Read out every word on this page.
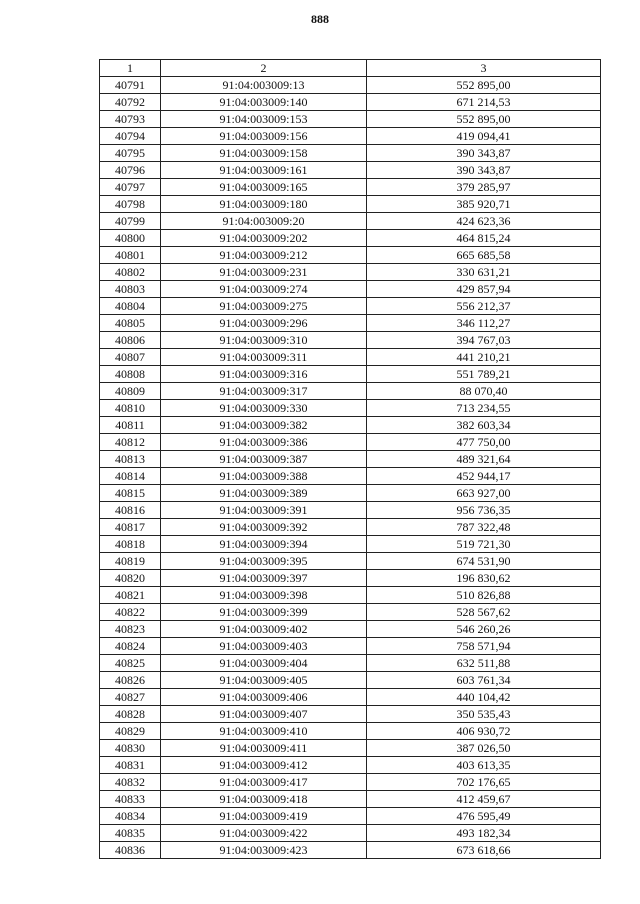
888
1	2	3
40791	91:04:003009:13	552 895,00
40792	91:04:003009:140	671 214,53
40793	91:04:003009:153	552 895,00
40794	91:04:003009:156	419 094,41
40795	91:04:003009:158	390 343,87
40796	91:04:003009:161	390 343,87
40797	91:04:003009:165	379 285,97
40798	91:04:003009:180	385 920,71
40799	91:04:003009:20	424 623,36
40800	91:04:003009:202	464 815,24
40801	91:04:003009:212	665 685,58
40802	91:04:003009:231	330 631,21
40803	91:04:003009:274	429 857,94
40804	91:04:003009:275	556 212,37
40805	91:04:003009:296	346 112,27
40806	91:04:003009:310	394 767,03
40807	91:04:003009:311	441 210,21
40808	91:04:003009:316	551 789,21
40809	91:04:003009:317	88 070,40
40810	91:04:003009:330	713 234,55
40811	91:04:003009:382	382 603,34
40812	91:04:003009:386	477 750,00
40813	91:04:003009:387	489 321,64
40814	91:04:003009:388	452 944,17
40815	91:04:003009:389	663 927,00
40816	91:04:003009:391	956 736,35
40817	91:04:003009:392	787 322,48
40818	91:04:003009:394	519 721,30
40819	91:04:003009:395	674 531,90
40820	91:04:003009:397	196 830,62
40821	91:04:003009:398	510 826,88
40822	91:04:003009:399	528 567,62
40823	91:04:003009:402	546 260,26
40824	91:04:003009:403	758 571,94
40825	91:04:003009:404	632 511,88
40826	91:04:003009:405	603 761,34
40827	91:04:003009:406	440 104,42
40828	91:04:003009:407	350 535,43
40829	91:04:003009:410	406 930,72
40830	91:04:003009:411	387 026,50
40831	91:04:003009:412	403 613,35
40832	91:04:003009:417	702 176,65
40833	91:04:003009:418	412 459,67
40834	91:04:003009:419	476 595,49
40835	91:04:003009:422	493 182,34
40836	91:04:003009:423	673 618,66
